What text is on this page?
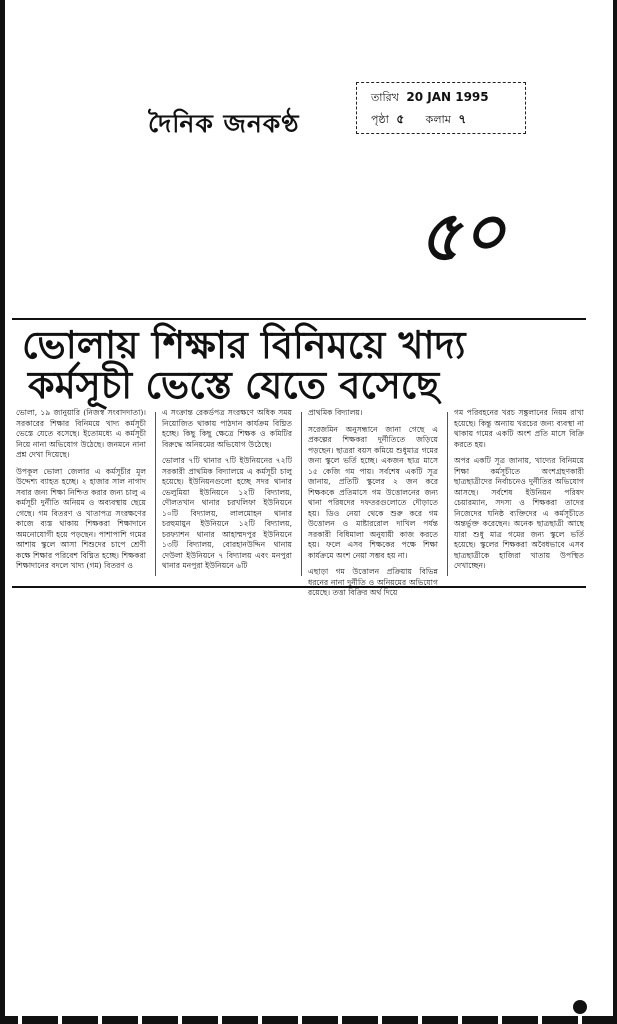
দৈনিক জনকণ্ঠ
তারিখ 20 JAN 1995
পৃষ্ঠা ৫ কলাম ৭
৫০
ভোলায় শিক্ষার বিনিময়ে খাদ্য
কর্মসূচী ভেস্তে যেতে বসেছে

ভোলা, ১৯ জানুয়ারি (নিজস্ব সংবাদদাতা)। সরকারের শিক্ষার বিনিময়ে খাদ্য কর্মসূচী ভেস্তে যেতে বসেছে। ইতোমধ্যে এ কর্মসূচী নিয়ে নানা অভিযোগ উঠেছে। জনমনে নানা প্রশ্ন দেখা দিয়েছে।

উপকূল ভোলা জেলার এ কর্মসূচীর মূল উদ্দেশ্য ব্যাহত হচ্ছে। ২ হাজার সাল নাগাদ সবার জন্য শিক্ষা নিশ্চিত করার জন্য চালু এ কর্মসূচী দুর্নীতি অনিয়ম ও অব্যবস্থায় ছেয়ে গেছে। গম বিতরণ ও খাতাপত্র সংরক্ষণের কাজে ব্যস্ত থাকায় শিক্ষকরা শিক্ষাদানে অমনোযোগী হয়ে পড়ছেন। পাশাপাশি গমের আশায় স্কুলে আসা শিশুদের চাপে শ্রেণী কক্ষে শিক্ষার পরিবেশ বিঘ্নিত হচ্ছে। শিক্ষকরা শিক্ষাদানের বদলে খাদ্য (গম) বিতরণ ও

এ সংক্রান্ত রেকর্ডপত্র সংরক্ষণে অধিক সময় নিয়োজিত থাকায় পাঠদান কার্যক্রম বিঘ্নিত হচ্ছে। কিছু কিছু ক্ষেত্রে শিক্ষক ও কমিটির বিরুদ্ধে অনিয়মের অভিযোগ উঠেছে।

ভোলার ৭টি থানার ৭টি ইউনিয়নের ৭২টি সরকারী প্রাথমিক বিদ্যালয়ে এ কর্মসূচী চালু হয়েছে। ইউনিয়নগুলো হচ্ছে সদর থানার ভেলুমিয়া ইউনিয়নে ১২টি বিদ্যালয়, দৌলতখান থানার চরখলিফা ইউনিয়নে ১০টি বিদ্যালয়, লালমোহন থানার চরহুমায়ুন ইউনিয়নে ১২টি বিদ্যালয়, চরফ্যাশন থানার আহাম্মদপুর ইউনিয়নে ১৩টি বিদ্যালয়, বোরহানউদ্দিন থানায় দেউলা ইউনিয়নে ৭ বিদ্যালয় এবং মনপুরা থানার মনপুরা ইউনিয়নে ৬টি

প্রাথমিক বিদ্যালয়।

সরেজমিন অনুসন্ধানে জানা গেছে এ প্রকল্পের শিক্ষকরা দুর্নীতিতে জড়িয়ে পড়ছেন। ছাত্ররা বয়স কমিয়ে শুধুমাত্র গমের জন্য স্কুলে ভর্তি হচ্ছে। একজন ছাত্র মাসে ১৫ কেজি গম পায়। সর্বশেষ একটি সূত্র জানায়, প্রতিটি স্কুলের ২ জন করে শিক্ষককে প্রতিমাসে গম উত্তোলনের জন্য থানা পরিষদের দফতরগুলোতে দৌড়াতে হয়। ডিও নেয়া থেকে শুরু করে গম উত্তোলন ও মাষ্টাররোল দাখিল পর্যন্ত সরকারী বিধিমালা অনুযায়ী কাজ করতে হয়। ফলে এসব শিক্ষকের পক্ষে শিক্ষা কার্যক্রমে অংশ নেয়া সম্ভব হয় না।

এছাড়া গম উত্তোলন প্রক্রিয়ায় বিভিন্ন ধরনের নানা দুর্নীতি ও অনিয়মের অভিযোগ রয়েছে। তত্তা বিক্রির অর্থ দিয়ে

গম পরিবহনের খরচ সঙ্কুলানের নিয়ম রাখা হয়েছে। কিন্তু অন্যায় খরচের জন্য ব্যবস্থা না থাকায় গমের একটি অংশ প্রতি মাসে বিক্রি করতে হয়।

অপর একটি সূত্র জানায়, খাদ্যের বিনিময়ে শিক্ষা কর্মসূচীতে অংশগ্রহণকারী ছাত্রছাত্রীদের নির্বাচনেও দুর্নীতির অভিযোগ আসছে। সর্বশেষ ইউনিয়ন পরিষদ চেয়ারম্যান, সদস্য ও শিক্ষকরা তাদের নিজেদের ঘনিষ্ঠ ব্যক্তিদের এ কর্মসূচীতে অন্তর্ভুক্ত করেছেন। অনেক ছাত্রছাত্রী আছে যারা শুধু মাত্র গমের জন্য স্কুলে ভর্তি হয়েছে। স্কুলের শিক্ষকরা অবৈধভাবে এসব ছাত্রছাত্রীকে হাজিরা খাতায় উপস্থিত দেখাচ্ছেন।
